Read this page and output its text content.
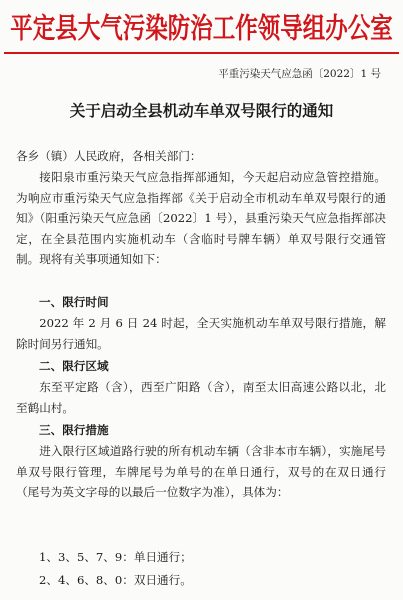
平定县大气污染防治工作领导组办公室
平重污染天气应急函〔2022〕1 号
关于启动全县机动车单双号限行的通知
各乡（镇）人民政府，各相关部门：

接阳泉市重污染天气应急指挥部通知，今天起启动应急管控措施。为响应市重污染天气应急指挥部《关于启动全市机动车单双号限行的通知》（阳重污染天气应急函〔2022〕1 号），县重污染天气应急指挥部决定，在全县范围内实施机动车（含临时号牌车辆）单双号限行交通管制。现将有关事项通知如下：

一、限行时间

2022 年 2 月 6 日 24 时起，全天实施机动车单双号限行措施，解除时间另行通知。

二、限行区域

东至平定路（含），西至广阳路（含），南至太旧高速公路以北，北至鹤山村。

三、限行措施

进入限行区域道路行驶的所有机动车辆（含非本市车辆），实施尾号单双号限行管理，车牌尾号为单号的在单日通行，双号的在双日通行（尾号为英文字母的以最后一位数字为准），具体为：

1、3、5、7、9：单日通行；
2、4、6、8、0：双日通行。
